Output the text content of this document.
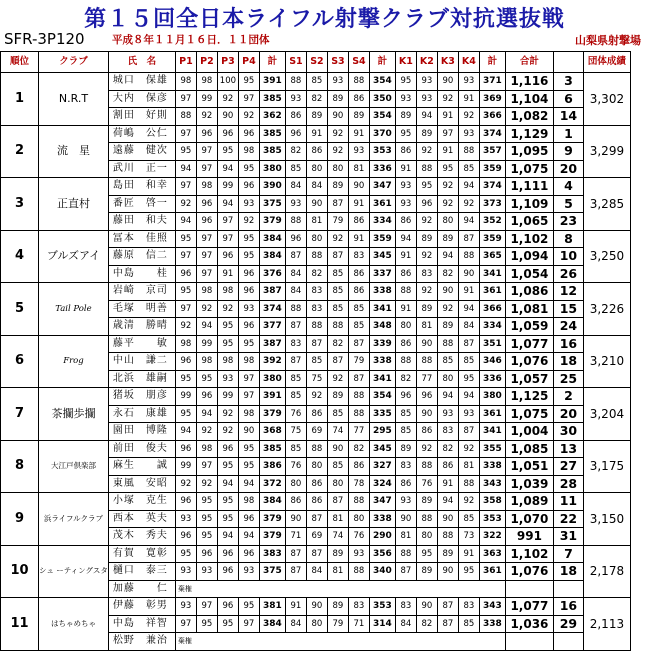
第１５回全日本ライフル射撃クラブ対抗選抜戦
SFR-3P120	平成８年１１月１６日．１１団体	山梨県射撃場
順位	クラブ	氏　名	P1	P2	P3	P4	計	S1	S2	S3	S4	計	K1	K2	K3	K4	計	合計		団体成績
1	N.R.T	城口　保雄	98	98	100	95	391	88	85	93	88	354	95	93	90	93	371	1,116	3	3,302
		大内　保彦	97	99	92	97	385	93	82	89	86	350	93	93	92	91	369	1,104	6	
		割田　好則	88	92	90	92	362	86	89	90	89	354	89	94	91	92	366	1,082	14	
2	流　星	荷嶋　公仁	97	96	96	96	385	96	91	92	91	370	95	89	97	93	374	1,129	1	3,299
		遠藤　健次	95	97	95	98	385	82	86	92	93	353	86	92	91	88	357	1,095	9	
		武川　正一	94	97	94	95	380	85	80	80	81	336	91	88	95	85	359	1,075	20	
3	正直村	島田　和幸	97	98	99	96	390	84	84	89	90	347	93	95	92	94	374	1,111	4	3,285
		番匠　啓一	92	96	94	93	375	93	90	87	91	361	93	96	92	92	373	1,109	5	
		藤田　和夫	94	96	97	92	379	88	81	79	86	334	86	92	80	94	352	1,065	23	
4	ブルズアイ	冨本　佳照	95	97	97	95	384	96	80	92	91	359	94	89	89	87	359	1,102	8	3,250
		藤原　信二	97	97	96	95	384	87	88	87	83	345	91	92	94	88	365	1,094	10	
		中島　　桂	96	97	91	96	376	84	82	85	86	337	86	83	82	90	341	1,054	26	
5	Tail Pole	岩崎　京司	95	98	98	96	387	84	83	85	86	338	88	92	90	91	361	1,086	12	3,226
		毛塚　明善	97	92	92	93	374	88	83	85	85	341	91	89	92	94	366	1,081	15	
		歳清　勝晴	92	94	95	96	377	87	88	88	85	348	80	81	89	84	334	1,059	24	
6	Frog	藤平　　敏	98	99	95	95	387	83	87	82	87	339	86	90	88	87	351	1,077	16	3,210
		中山　謙二	96	98	98	98	392	87	85	87	79	338	88	88	85	85	346	1,076	18	
		北浜　雄嗣	95	95	93	97	380	85	75	92	87	341	82	77	80	95	336	1,057	25	
7	茶攔歩攔	猪坂　朋彦	99	96	99	97	391	85	92	89	88	354	96	96	94	94	380	1,125	2	3,204
		永石　康雄	95	94	92	98	379	76	86	85	88	335	85	90	93	93	361	1,075	20	
		園田　博隆	94	92	92	90	368	75	69	74	77	295	85	86	83	87	341	1,004	30	
8	大江戸倶楽部	前田　俊夫	96	98	96	95	385	85	88	90	82	345	89	92	82	92	355	1,085	13	3,175
		麻生　　誠	99	97	95	95	386	76	80	85	86	327	83	88	86	81	338	1,051	27	
		東風　安昭	92	92	94	94	372	80	86	80	78	324	86	76	91	88	343	1,039	28	
9	浜ライフルクラブ	小塚　克生	96	95	95	98	384	86	86	87	88	347	93	89	94	92	358	1,089	11	3,150
		西本　英夫	93	95	95	96	379	90	87	81	80	338	90	88	90	85	353	1,070	22	
		茂木　秀夫	96	95	94	94	379	71	69	74	76	290	81	80	88	73	322	991	31	
10	シュ ーティングスタ	有賀　寛彰	95	96	96	96	383	87	87	89	93	356	88	95	89	91	363	1,102	7	2,178
		樋口　泰三	93	93	96	93	375	87	84	81	88	340	87	89	90	95	361	1,076	18	
		加藤　　仁	棄権																	
11	はちゃめちゃ	伊藤　彰男	93	97	96	95	381	91	90	89	83	353	83	90	87	83	343	1,077	16	2,113
		中島　祥智	97	95	95	97	384	84	80	79	71	314	84	82	87	85	338	1,036	29	
		松野　兼治	棄権																	
